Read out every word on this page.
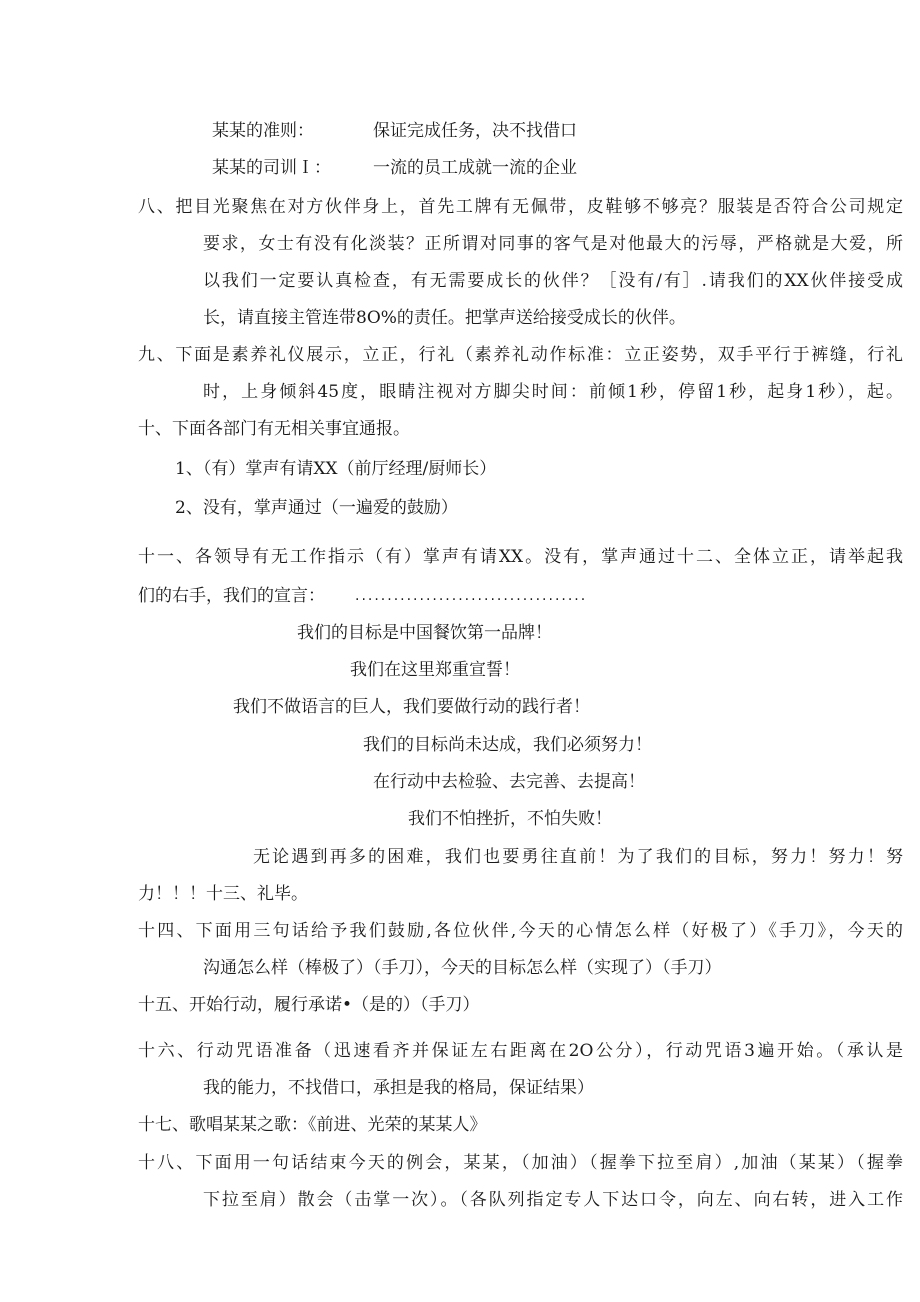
某某的准则：	保证完成任务，决不找借口
某某的司训Ｉ： 一流的员工成就一流的企业
八、把目光聚焦在对方伙伴身上，首先工牌有无佩带，皮鞋够不够亮？服装是否符合公司规定
要求，女士有没有化淡装？正所谓对同事的客气是对他最大的污辱，严格就是大爱，所
以我们一定要认真检查，有无需要成长的伙伴？［没有/有］.请我们的XX伙伴接受成
长，请直接主管连带8O%的责任。把掌声送给接受成长的伙伴。
九、下面是素养礼仪展示，立正，行礼（素养礼动作标准：立正姿势，双手平行于裤缝，行礼
时，上身倾斜45度，眼睛注视对方脚尖时间：前倾1秒，停留1秒，起身1秒），起。
十、下面各部门有无相关事宜通报。
1、（有）掌声有请XX（前厅经理/厨师长）
2、没有，掌声通过（一遍爱的鼓励）
十一、各领导有无工作指示（有）掌声有请XX。没有，掌声通过十二、全体立正，请举起我
们的右手，我们的宣言： ....................................
我们的目标是中国餐饮第一品牌！
我们在这里郑重宣誓！
我们不做语言的巨人，我们要做行动的践行者！
我们的目标尚未达成，我们必须努力！
在行动中去检验、去完善、去提高！
我们不怕挫折，不怕失败！
无论遇到再多的困难，我们也要勇往直前！为了我们的目标，努力！努力！努
力！！！十三、礼毕。
十四、下面用三句话给予我们鼓励,各位伙伴,今天的心情怎么样（好极了）《手刀》，今天的
沟通怎么样（棒极了）（手刀），今天的目标怎么样（实现了）（手刀）
十五、开始行动，履行承诺•（是的）（手刀）
十六、行动咒语准备（迅速看齐并保证左右距离在2O公分），行动咒语3遍开始。（承认是
我的能力，不找借口，承担是我的格局，保证结果）
十七、歌唱某某之歌：《前进、光荣的某某人》
十八、下面用一句话结束今天的例会，某某，（加油）（握拳下拉至肩）,加油（某某）（握拳
下拉至肩）散会（击掌一次）。（各队列指定专人下达口令，向左、向右转，进入工作
